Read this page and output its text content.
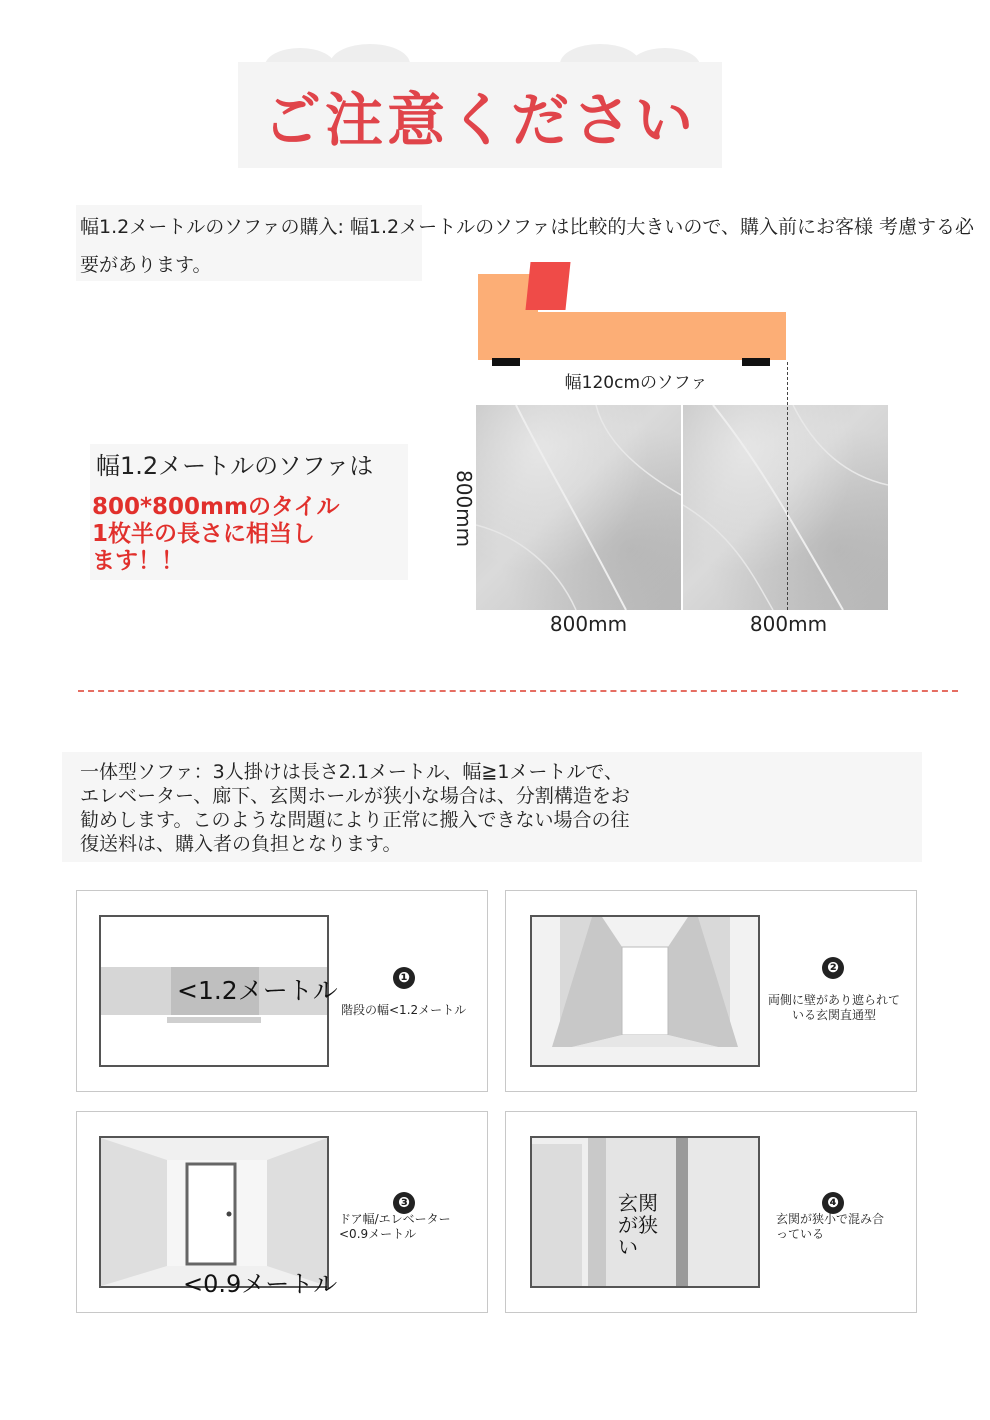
ご注意ください
幅1.2メートルのソファの購入: 幅1.2メートルのソファは比較的大きいので、購入前にお客様 考慮する必要があります。
幅120cmのソファ
800mm
800mm	800mm
幅1.2メートルのソファは
800*800mmのタイル
1枚半の長さに相当し
ます！！
一体型ソファ：3人掛けは長さ2.1メートル、幅≧1メートルで、
エレベーター、廊下、玄関ホールが狭小な場合は、分割構造をお
勧めします。このような問題により正常に搬入できない場合の往
復送料は、購入者の負担となります。
<1.2メートル	❶
階段の幅<1.2メートル
❷
両側に壁があり遮られている玄関直通型
<0.9メートル
❸
ドア幅/エレベーター<0.9メートル
玄関が狭い
❹
玄関が狭小で混み合っている
